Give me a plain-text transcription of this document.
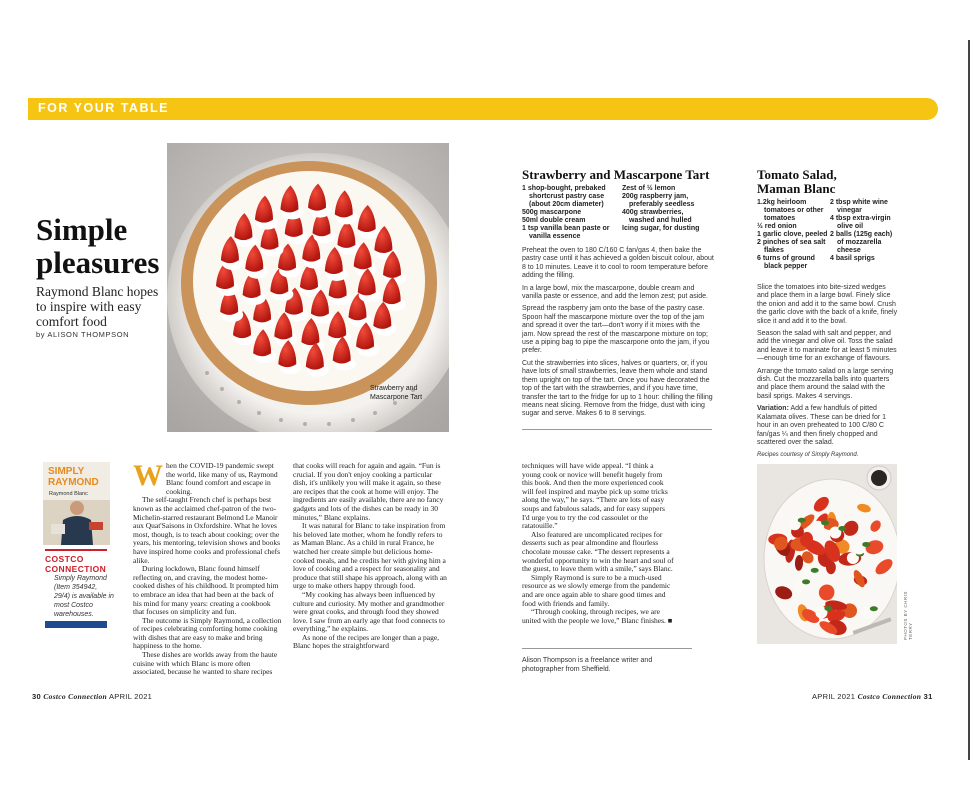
FOR YOUR TABLE
Simple pleasures
Raymond Blanc hopes to inspire with easy comfort food
by ALISON THOMPSON
Strawberry and
Mascarpone Tart
SIMPLY
RAYMOND
Raymond Blanc
COSTCO
CONNECTION
Simply Raymond (Item 354942, 29/4) is available in most Costco warehouses.

When the COVID-19 pandemic swept the world, like many of us, Raymond Blanc found comfort and escape in cooking.

The self-taught French chef is perhaps best known as the acclaimed chef-patron of the two-Michelin-starred restaurant Belmond Le Manoir aux Quat'Saisons in Oxfordshire. What he loves most, though, is to teach about cooking; over the years, his mentoring, television shows and books have inspired home cooks and professional chefs alike.

During lockdown, Blanc found himself reflecting on, and craving, the modest home-cooked dishes of his childhood. It prompted him to embrace an idea that had been at the back of his mind for many years: creating a cookbook that focuses on simplicity and fun.

The outcome is Simply Raymond, a collection of recipes celebrating comforting home cooking with dishes that are easy to make and bring happiness to the home.

These dishes are worlds away from the haute cuisine with which Blanc is more often associated, because he wanted to share recipes

that cooks will reach for again and again. “Fun is crucial. If you don't enjoy cooking a particular dish, it's unlikely you will make it again, so these are recipes that the cook at home will enjoy. The ingredients are easily available, there are no fancy gadgets and lots of the dishes can be ready in 30 minutes,” Blanc explains.

It was natural for Blanc to take inspiration from his beloved late mother, whom he fondly refers to as Maman Blanc. As a child in rural France, he watched her create simple but delicious home-cooked meals, and he credits her with giving him a love of cooking and a respect for seasonality and produce that still shape his approach, along with an urge to make others happy through food.

“My cooking has always been influenced by culture and curiosity. My mother and grandmother were great cooks, and through food they showed love. I saw from an early age that food connects to everything,” he explains.

As none of the recipes are longer than a page, Blanc hopes the straightforward

techniques will have wide appeal. “I think a young cook or novice will benefit hugely from this book. And then the more experienced cook will feel inspired and maybe pick up some tricks along the way,” he says. “There are lots of easy soups and fabulous salads, and for easy suppers I'd urge you to try the cod cassoulet or the ratatouille.”

Also featured are uncomplicated recipes for desserts such as pear almondine and flourless chocolate mousse cake. “The dessert represents a wonderful opportunity to win the heart and soul of the guest, to leave them with a smile,” says Blanc.

Simply Raymond is sure to be a much-used resource as we slowly emerge from the pandemic and are once again able to share good times and food with friends and family.

“Through cooking, through recipes, we are united with the people we love,” Blanc finishes. ■

Alison Thompson is a freelance writer and photographer from Sheffield.
Strawberry and Mascarpone Tart
1 shop-bought, prebaked shortcrust pastry case (about 20cm diameter)
500g mascarpone
50ml double cream
1 tsp vanilla bean paste or vanilla essence
Zest of ½ lemon
200g raspberry jam, preferably seedless
400g strawberries, washed and hulled
Icing sugar, for dusting

Preheat the oven to 180 C/160 C fan/gas 4, then bake the pastry case until it has achieved a golden biscuit colour, about 8 to 10 minutes. Leave it to cool to room temperature before adding the filling.

In a large bowl, mix the mascarpone, double cream and vanilla paste or essence, and add the lemon zest; put aside.

Spread the raspberry jam onto the base of the pastry case. Spoon half the mascarpone mixture over the top of the jam and spread it over the tart—don't worry if it mixes with the jam. Now spread the rest of the mascarpone mixture on top; use a piping bag to pipe the mascarpone onto the jam, if you prefer.

Cut the strawberries into slices, halves or quarters, or, if you have lots of small strawberries, leave them whole and stand them upright on top of the tart. Once you have decorated the top of the tart with the strawberries, and if you have time, transfer the tart to the fridge for up to 1 hour: chilling the filling means neat slicing. Remove from the fridge, dust with icing sugar and serve. Makes 6 to 8 servings.

Tomato Salad,
Maman Blanc
1.2kg heirloom tomatoes or other tomatoes
½ red onion
1 garlic clove, peeled
2 pinches of sea salt flakes
6 turns of ground black pepper
2 tbsp white wine vinegar
4 tbsp extra-virgin olive oil
2 balls (125g each) of mozzarella cheese
4 basil sprigs

Slice the tomatoes into bite-sized wedges and place them in a large bowl. Finely slice the onion and add it to the same bowl. Crush the garlic clove with the back of a knife, finely slice it and add it to the bowl.

Season the salad with salt and pepper, and add the vinegar and olive oil. Toss the salad and leave it to marinate for at least 5 minutes—enough time for an exchange of flavours.

Arrange the tomato salad on a large serving dish. Cut the mozzarella balls into quarters and place them around the salad with the basil sprigs. Makes 4 servings.

Variation: Add a few handfuls of pitted Kalamata olives. These can be dried for 1 hour in an oven preheated to 100 C/80 C fan/gas ¼ and then finely chopped and scattered over the salad.

Recipes courtesy of Simply Raymond.

PHOTOS BY CHRIS TERRY
30 Costco Connection APRIL 2021	APRIL 2021 Costco Connection 31
